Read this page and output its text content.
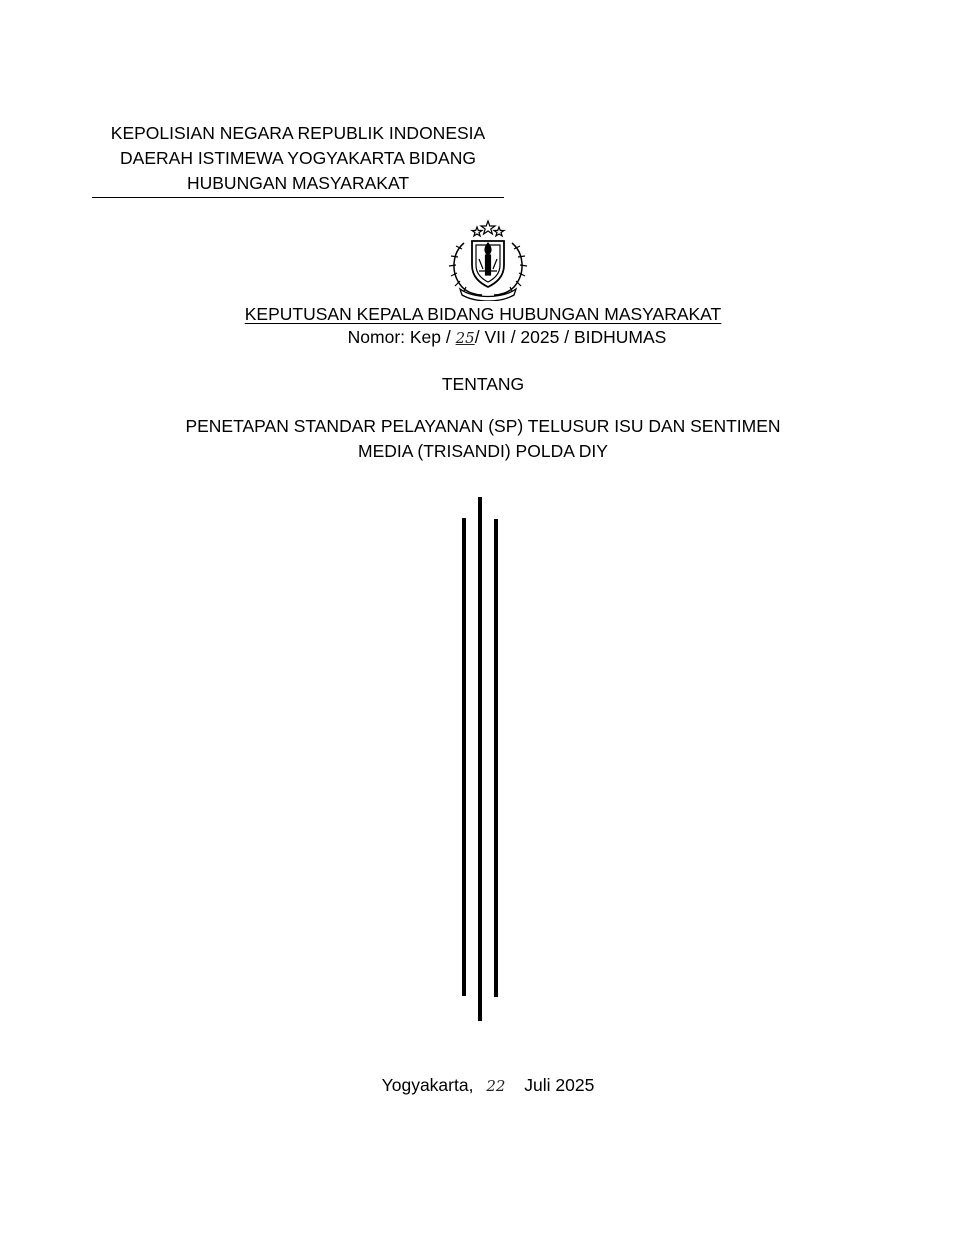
KEPOLISIAN NEGARA REPUBLIK INDONESIA
DAERAH ISTIMEWA YOGYAKARTA BIDANG
HUBUNGAN MASYARAKAT
KEPUTUSAN KEPALA BIDANG HUBUNGAN MASYARAKAT
Nomor: Kep / 25/ VII / 2025 / BIDHUMAS
TENTANG
PENETAPAN STANDAR PELAYANAN (SP) TELUSUR ISU DAN SENTIMEN
MEDIA (TRISANDI) POLDA DIY
Yogyakarta, 22 Juli 2025
